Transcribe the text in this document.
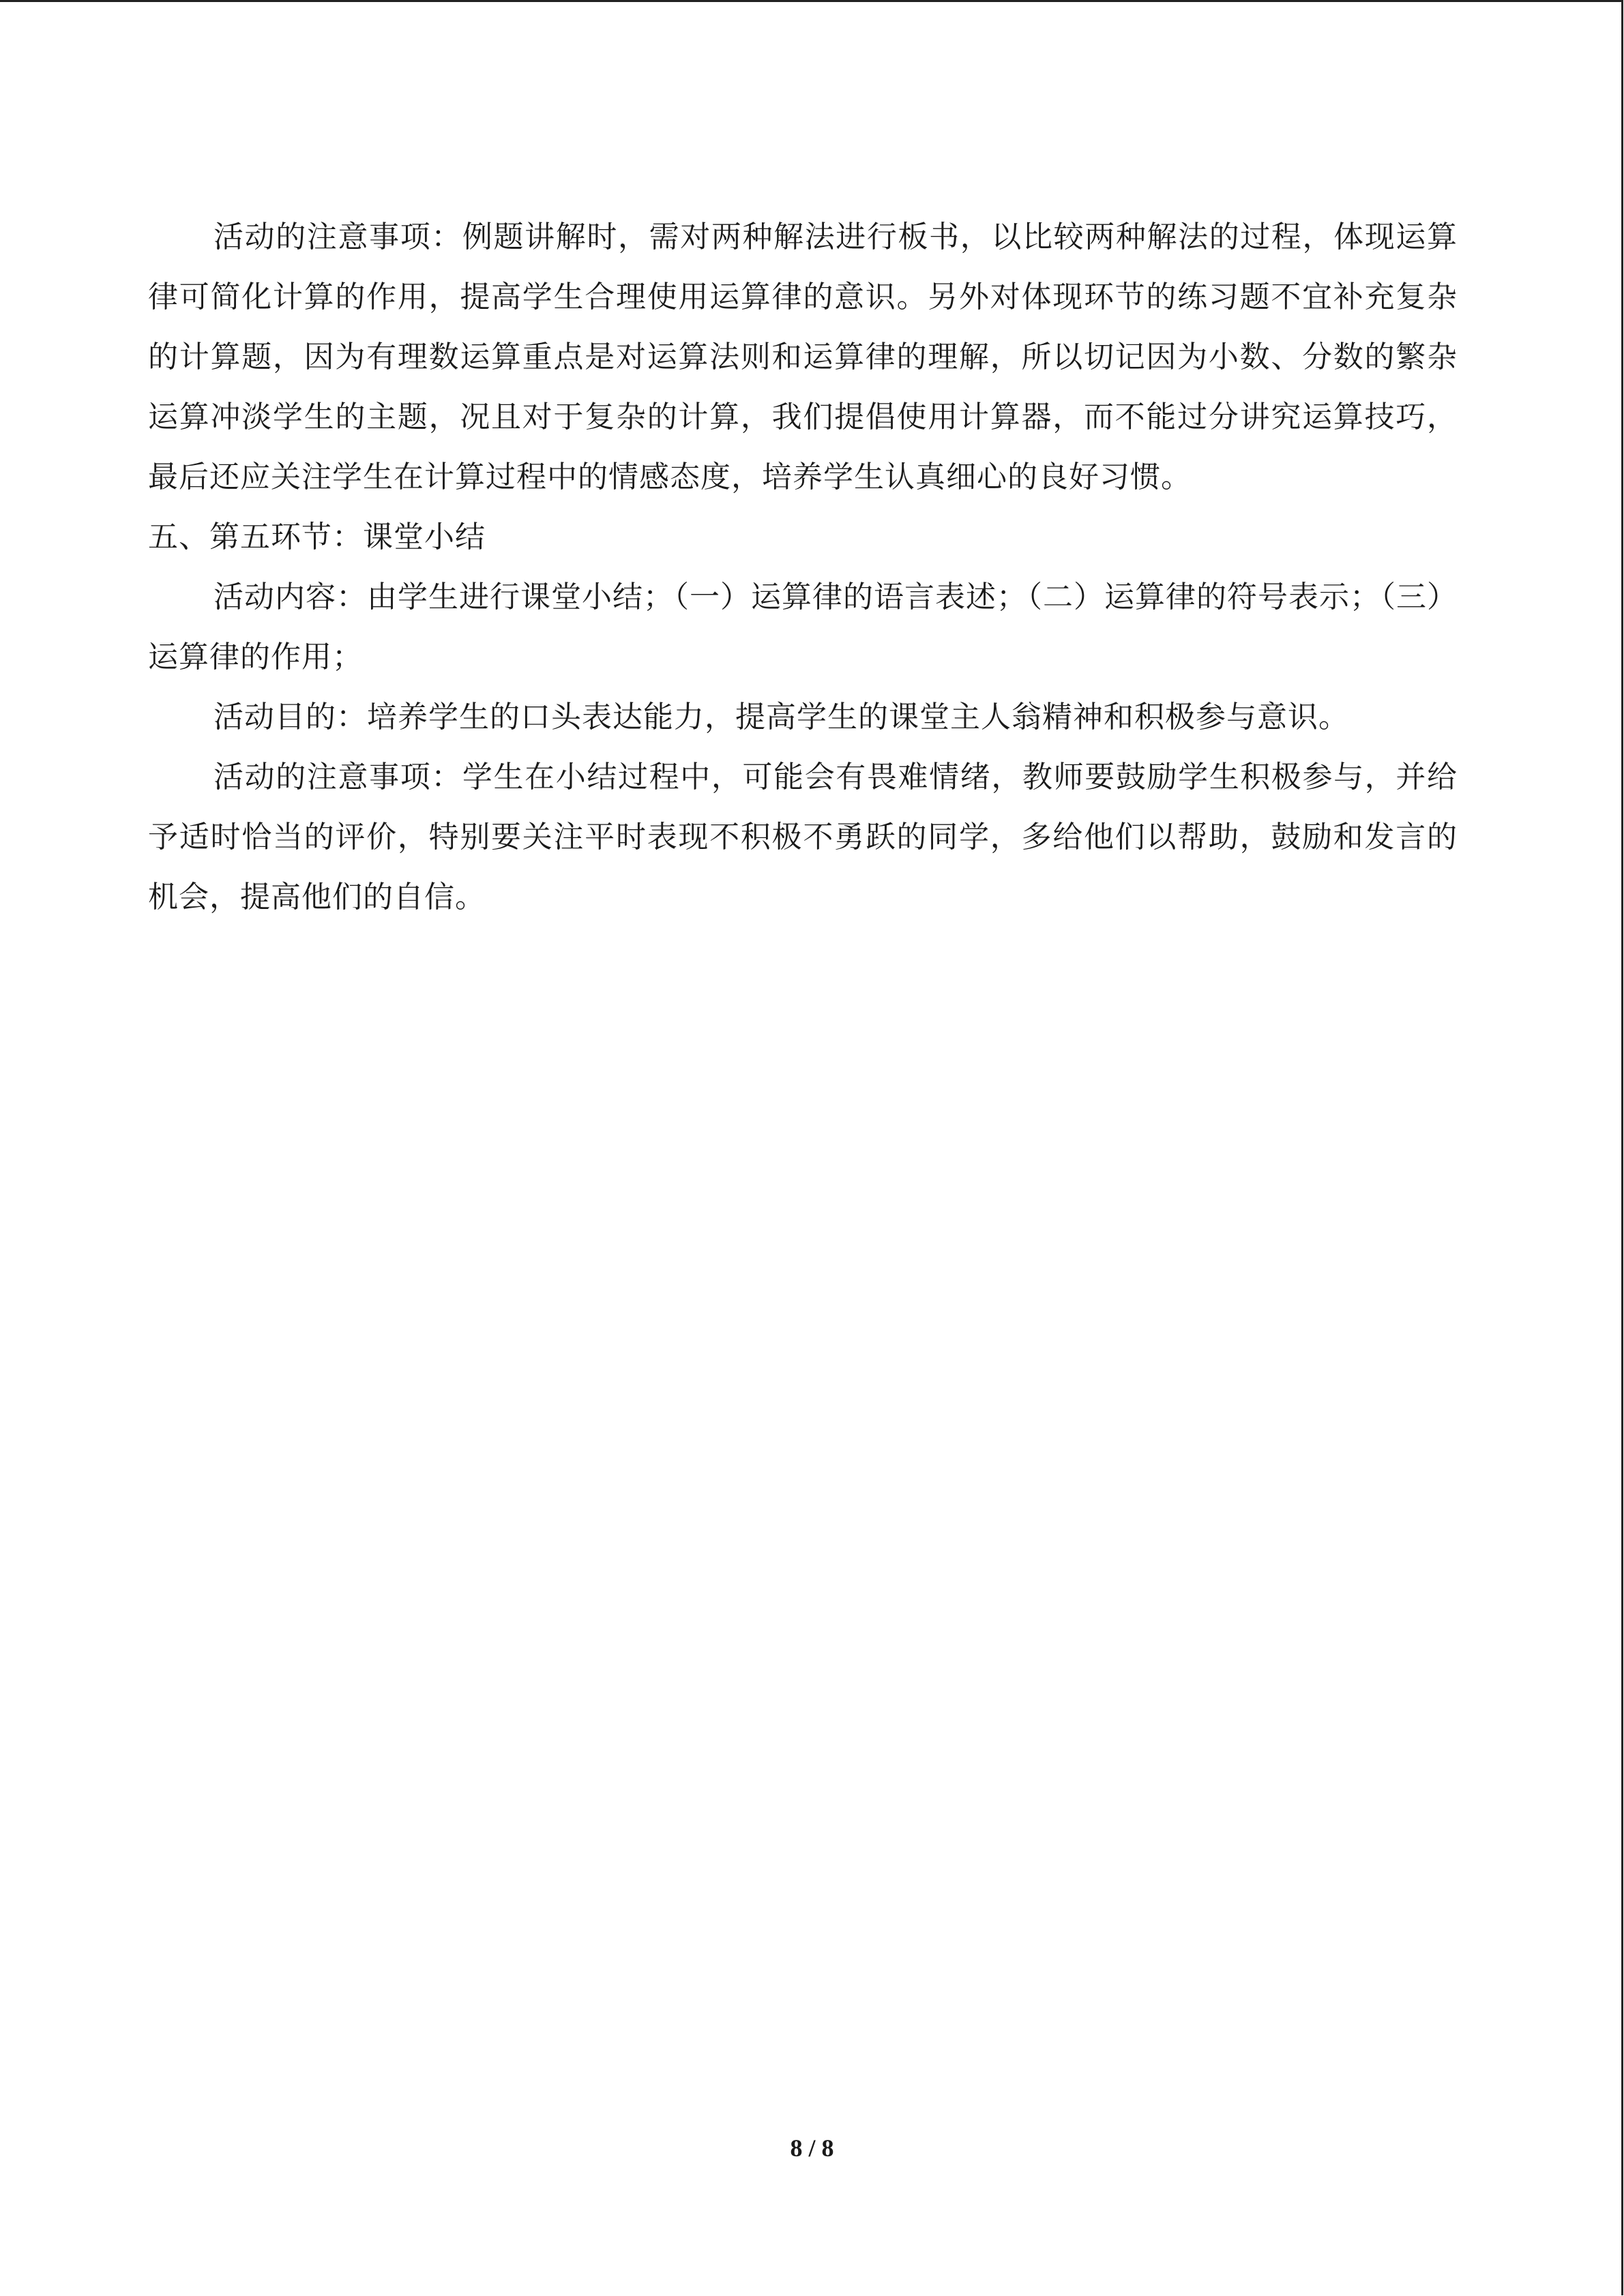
活动的注意事项：例题讲解时，需对两种解法进行板书，以比较两种解法的过程，体现运算律可简化计算的作用，提高学生合理使用运算律的意识。另外对体现环节的练习题不宜补充复杂的计算题，因为有理数运算重点是对运算法则和运算律的理解，所以切记因为小数、分数的繁杂运算冲淡学生的主题，况且对于复杂的计算，我们提倡使用计算器，而不能过分讲究运算技巧，最后还应关注学生在计算过程中的情感态度，培养学生认真细心的良好习惯。

五、第五环节：课堂小结

活动内容：由学生进行课堂小结；（一）运算律的语言表述；（二）运算律的符号表示；（三）运算律的作用；

活动目的：培养学生的口头表达能力，提高学生的课堂主人翁精神和积极参与意识。

活动的注意事项：学生在小结过程中，可能会有畏难情绪，教师要鼓励学生积极参与，并给予适时恰当的评价，特别要关注平时表现不积极不勇跃的同学，多给他们以帮助，鼓励和发言的机会，提高他们的自信。

8 / 8
